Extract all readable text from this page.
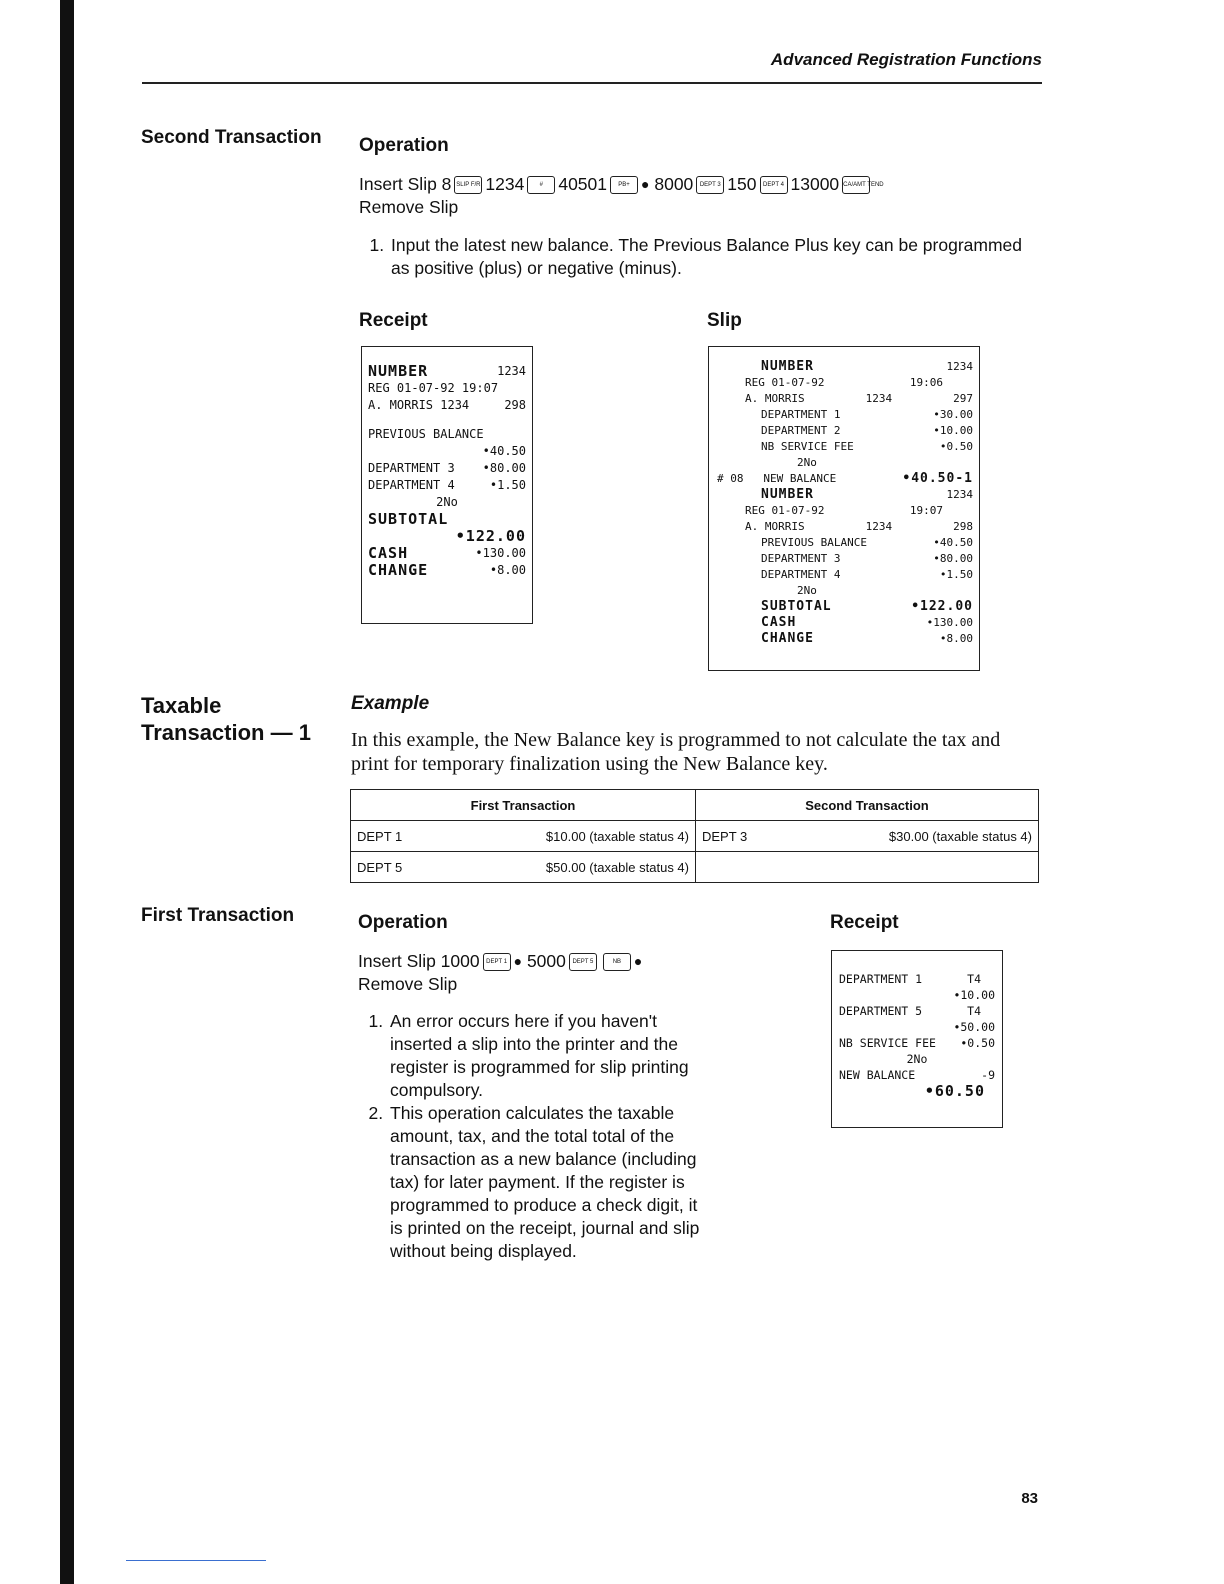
Advanced Registration Functions
Second Transaction Operation
Insert Slip 8 SLIP F/R 1234	# 40501 PB+ ● 8000 DEPT 3 150 DEPT 4 13000 CA/AMT TEND
Remove Slip
1. Input the latest new balance. The Previous Balance Plus key can be programmed as positive (plus) or negative (minus).
Receipt	Slip
NUMBER	1234
REG 01-07-92 19:07
A. MORRIS 1234	298
PREVIOUS BALANCE
•40.50
DEPARTMENT 3 •80.00
DEPARTMENT 4	•1.50
2No
SUBTOTAL
•122.00
CASH	•130.00
CHANGE	•8.00
NUMBER	1234
REG 01-07-92	19:06
A. MORRIS	1234	297
DEPARTMENT 1	•30.00
DEPARTMENT 2	•10.00
NB SERVICE FEE	•0.50
2No
# 08 NEW BALANCE	•40.50-1
NUMBER	1234
REG 01-07-92	19:07
A. MORRIS	1234	298
PREVIOUS BALANCE	•40.50
DEPARTMENT 3	•80.00
DEPARTMENT 4	•1.50
2No
SUBTOTAL	•122.00
CASH	•130.00
CHANGE	•8.00
Taxable
Transaction — 1
Example
In this example, the New Balance key is programmed to not calculate the tax and print for temporary finalization using the New Balance key.
First Transaction	Second Transaction

DEPT 1 $10.00 (taxable status 4)	DEPT 3 $30.00 (taxable status 4)

DEPT 5 $50.00 (taxable status 4)	

First Transaction	Operation	Receipt
Insert Slip 1000 DEPT 1 ● 5000 DEPT 5	NB ●
Remove Slip
1. An error occurs here if you haven't inserted a slip into the printer and the register is programmed for slip printing compulsory.
2. This operation calculates the taxable amount, tax, and the total total of the transaction as a new balance (including tax) for later payment. If the register is programmed to produce a check digit, it is printed on the receipt, journal and slip without being displayed.
DEPARTMENT 1	T4
•10.00
DEPARTMENT 5	T4
•50.00
NB SERVICE FEE •0.50
2No
NEW BALANCE	-9
•60.50
83
